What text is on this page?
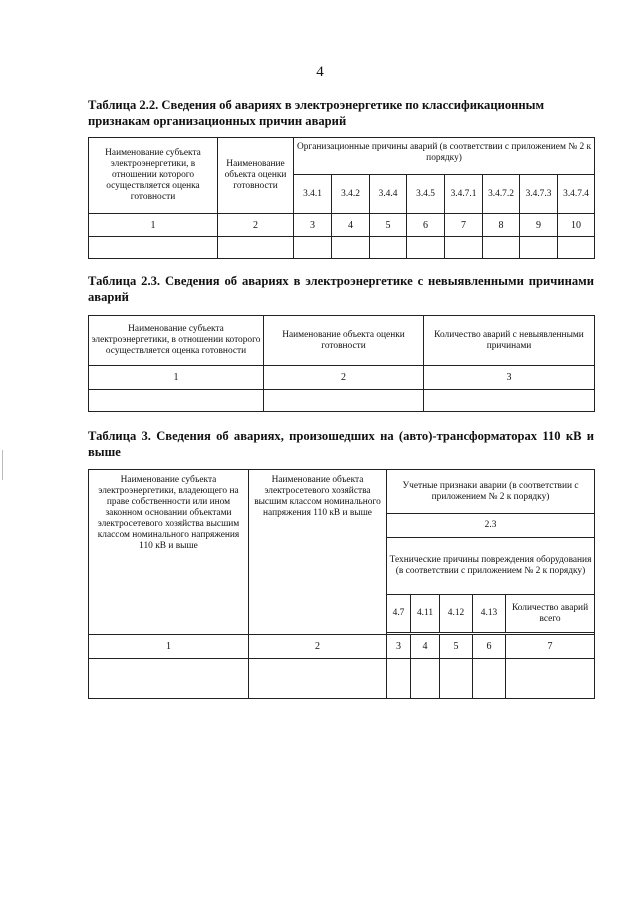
4
Таблица 2.2. Сведения об авариях в электроэнергетике по классификационным признакам организационных причин аварий
Наименование субъекта электроэнергетики, в отношении которого осуществляется оценка готовности	Наименование объекта оценки готовности	Организационные причины аварий (в соответствии с приложением № 2 к порядку)							
		3.4.1	3.4.2	3.4.4	3.4.5	3.4.7.1	3.4.7.2	3.4.7.3	3.4.7.4
1	2	3	4	5	6	7	8	9	10

Таблица 2.3. Сведения об авариях в электроэнергетике с невыявленными причинами аварий
Наименование субъекта электроэнергетики, в отношении которого осуществляется оценка готовности	Наименование объекта оценки готовности	Количество аварий с невыявленными причинами
1	2	3

Таблица 3. Сведения об авариях, произошедших на (авто)-трансформаторах 110 кВ и выше
Наименование субъекта электроэнергетики, владеющего на праве собственности или ином законном основании объектами электросетевого хозяйства высшим классом номинального напряжения 110 кВ и выше	Наименование объекта электросетевого хозяйства высшим классом номинального напряжения 110 кВ и выше	Учетные признаки аварии (в соответствии с приложением № 2 к порядку)				
		2.3				
		Технические причины повреждения оборудования (в соответствии с приложением № 2 к порядку)				
		4.7	4.11	4.12	4.13	Количество аварий всего

1	2	3	4	5	6	7
